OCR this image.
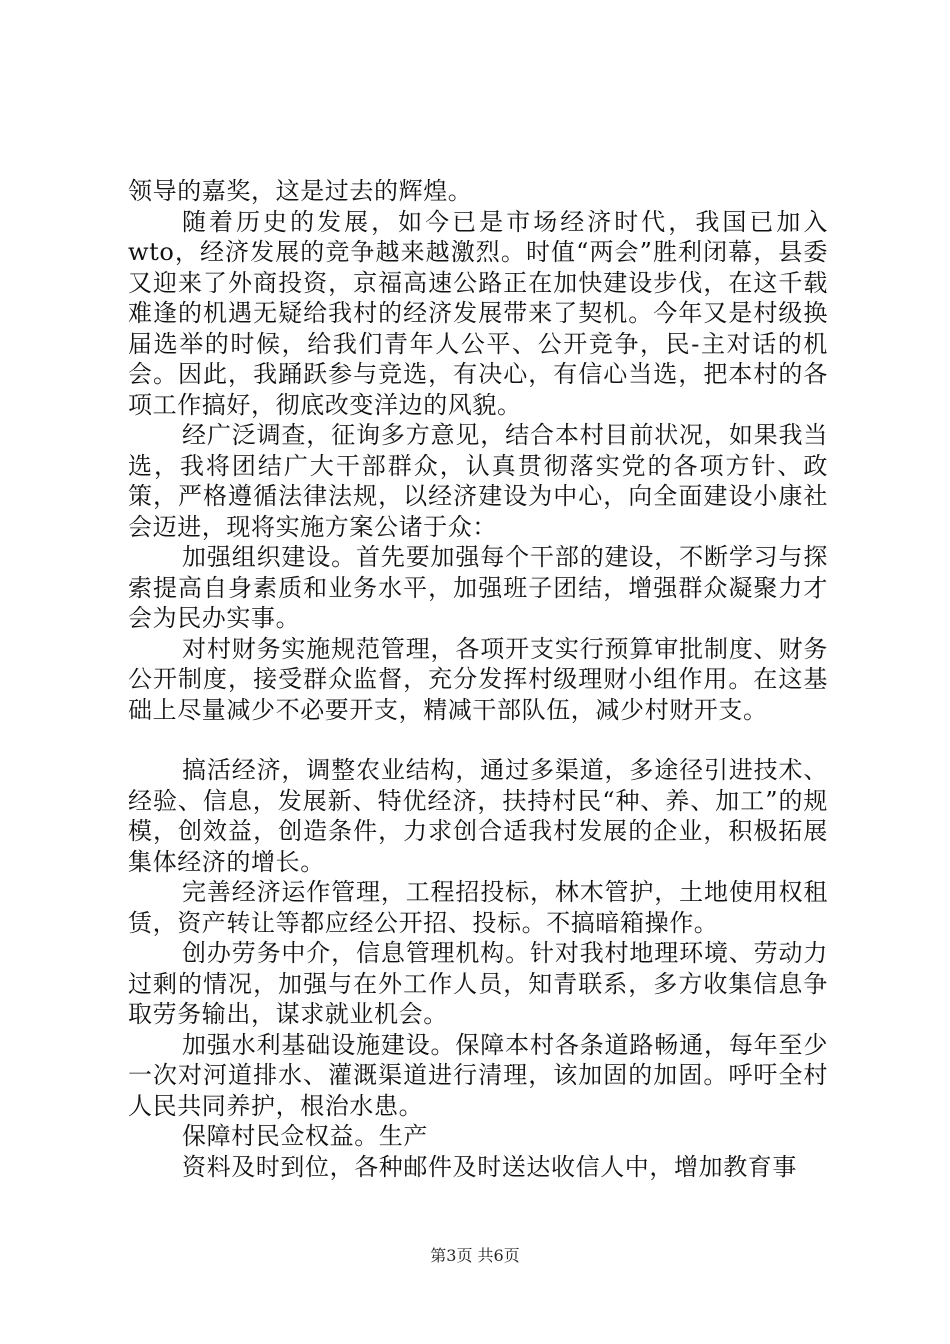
领导的嘉奖，这是过去的辉煌。

随着历史的发展，如今已是市场经济时代，我国已加入wto，经济发展的竞争越来越激烈。时值“两会”胜利闭幕，县委又迎来了外商投资，京福高速公路正在加快建设步伐，在这千载难逢的机遇无疑给我村的经济发展带来了契机。今年又是村级换届选举的时候，给我们青年人公平、公开竞争，民-主对话的机会。因此，我踊跃参与竞选，有决心，有信心当选，把本村的各项工作搞好，彻底改变洋边的风貌。

经广泛调查，征询多方意见，结合本村目前状况，如果我当选，我将团结广大干部群众，认真贯彻落实党的各项方针、政策，严格遵循法律法规，以经济建设为中心，向全面建设小康社会迈进，现将实施方案公诸于众：

加强组织建设。首先要加强每个干部的建设，不断学习与探索提高自身素质和业务水平，加强班子团结，增强群众凝聚力才会为民办实事。

对村财务实施规范管理，各项开支实行预算审批制度、财务公开制度，接受群众监督，充分发挥村级理财小组作用。在这基础上尽量减少不必要开支，精减干部队伍，减少村财开支。

搞活经济，调整农业结构，通过多渠道，多途径引进技术、经验、信息，发展新、特优经济，扶持村民“种、养、加工”的规模，创效益，创造条件，力求创合适我村发展的企业，积极拓展集体经济的增长。

完善经济运作管理，工程招投标，林木管护，土地使用权租赁，资产转让等都应经公开招、投标。不搞暗箱操作。

创办劳务中介，信息管理机构。针对我村地理环境、劳动力过剩的情况，加强与在外工作人员，知青联系，多方收集信息争取劳务输出，谋求就业机会。

加强水利基础设施建设。保障本村各条道路畅通，每年至少一次对河道排水、灌溉渠道进行清理，该加固的加固。呼吁全村人民共同养护，根治水患。

保障村民佥权益。生产

资料及时到位，各种邮件及时送达收信人中，增加教育事

第3页 共6页
